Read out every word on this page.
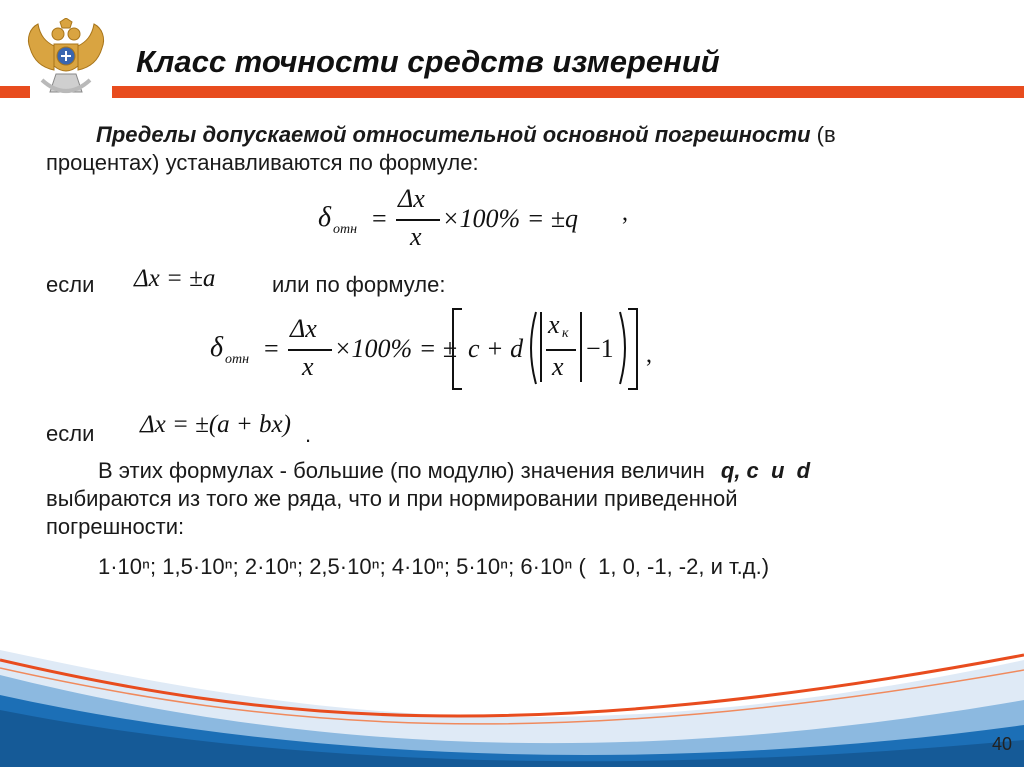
Класс точности средств измерений
Пределы допускаемой относительной основной погрешности (в
процентах) устанавливаются по формуле:
δ отн =
Δx
x
×100% = ±q ,
если Δx = ±a	или по формуле:
δ отн =
Δx
x
×100% = ± c + d
x к
x
−1 ,
если Δx = ±(a + bx) .
В этих формулах - большие (по модулю) значения величин q, c  и  d
выбираются из того же ряда, что и при нормировании приведенной
погрешности:
1·10ⁿ; 1,5·10ⁿ; 2·10ⁿ; 2,5·10ⁿ; 4·10ⁿ; 5·10ⁿ; 6·10ⁿ (  1, 0, -1, -2, и т.д.)
40
